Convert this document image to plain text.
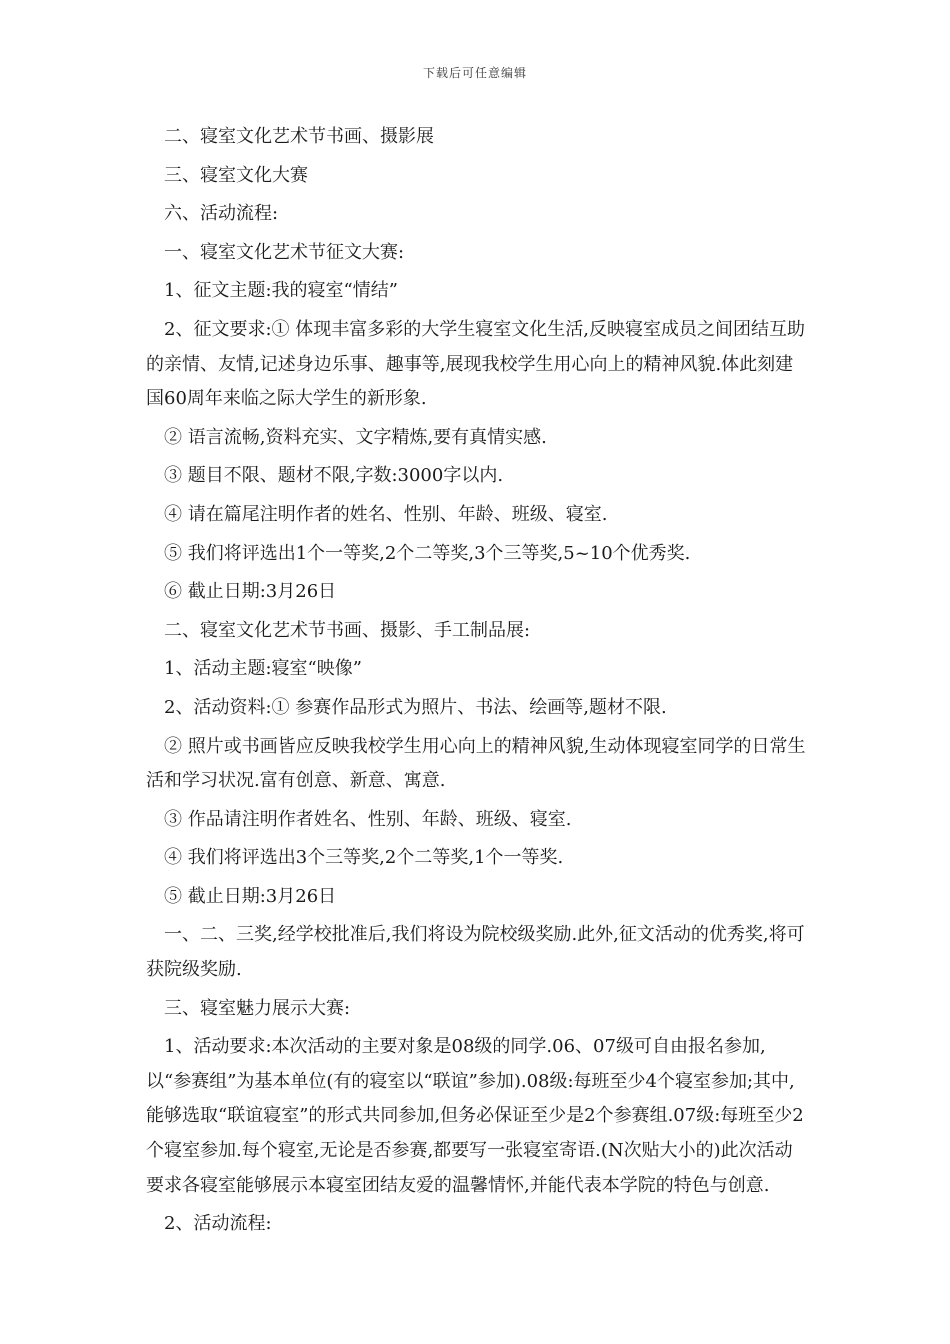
下载后可任意编辑

二、寝室文化艺术节书画、摄影展

三、寝室文化大赛

六、活动流程:

一、寝室文化艺术节征文大赛:

1、征文主题:我的寝室“情结”

2、征文要求:① 体现丰富多彩的大学生寝室文化生活,反映寝室成员之间团结互助的亲情、友情,记述身边乐事、趣事等,展现我校学生用心向上的精神风貌.体此刻建国60周年来临之际大学生的新形象.

② 语言流畅,资料充实、文字精炼,要有真情实感.

③ 题目不限、题材不限,字数:3000字以内.

④ 请在篇尾注明作者的姓名、性别、年龄、班级、寝室.

⑤ 我们将评选出1个一等奖,2个二等奖,3个三等奖,5~10个优秀奖.

⑥ 截止日期:3月26日

二、寝室文化艺术节书画、摄影、手工制品展:

1、活动主题:寝室“映像”

2、活动资料:① 参赛作品形式为照片、书法、绘画等,题材不限.

② 照片或书画皆应反映我校学生用心向上的精神风貌,生动体现寝室同学的日常生活和学习状况.富有创意、新意、寓意.

③ 作品请注明作者姓名、性别、年龄、班级、寝室.

④ 我们将评选出3个三等奖,2个二等奖,1个一等奖.

⑤ 截止日期:3月26日

一、二、三奖,经学校批准后,我们将设为院校级奖励.此外,征文活动的优秀奖,将可获院级奖励.

三、寝室魅力展示大赛:

1、活动要求:本次活动的主要对象是08级的同学.06、07级可自由报名参加,以“参赛组”为基本单位(有的寝室以“联谊”参加).08级:每班至少4个寝室参加;其中,能够选取“联谊寝室”的形式共同参加,但务必保证至少是2个参赛组.07级:每班至少2个寝室参加.每个寝室,无论是否参赛,都要写一张寝室寄语.(N次贴大小的)此次活动要求各寝室能够展示本寝室团结友爱的温馨情怀,并能代表本学院的特色与创意.

2、活动流程:
